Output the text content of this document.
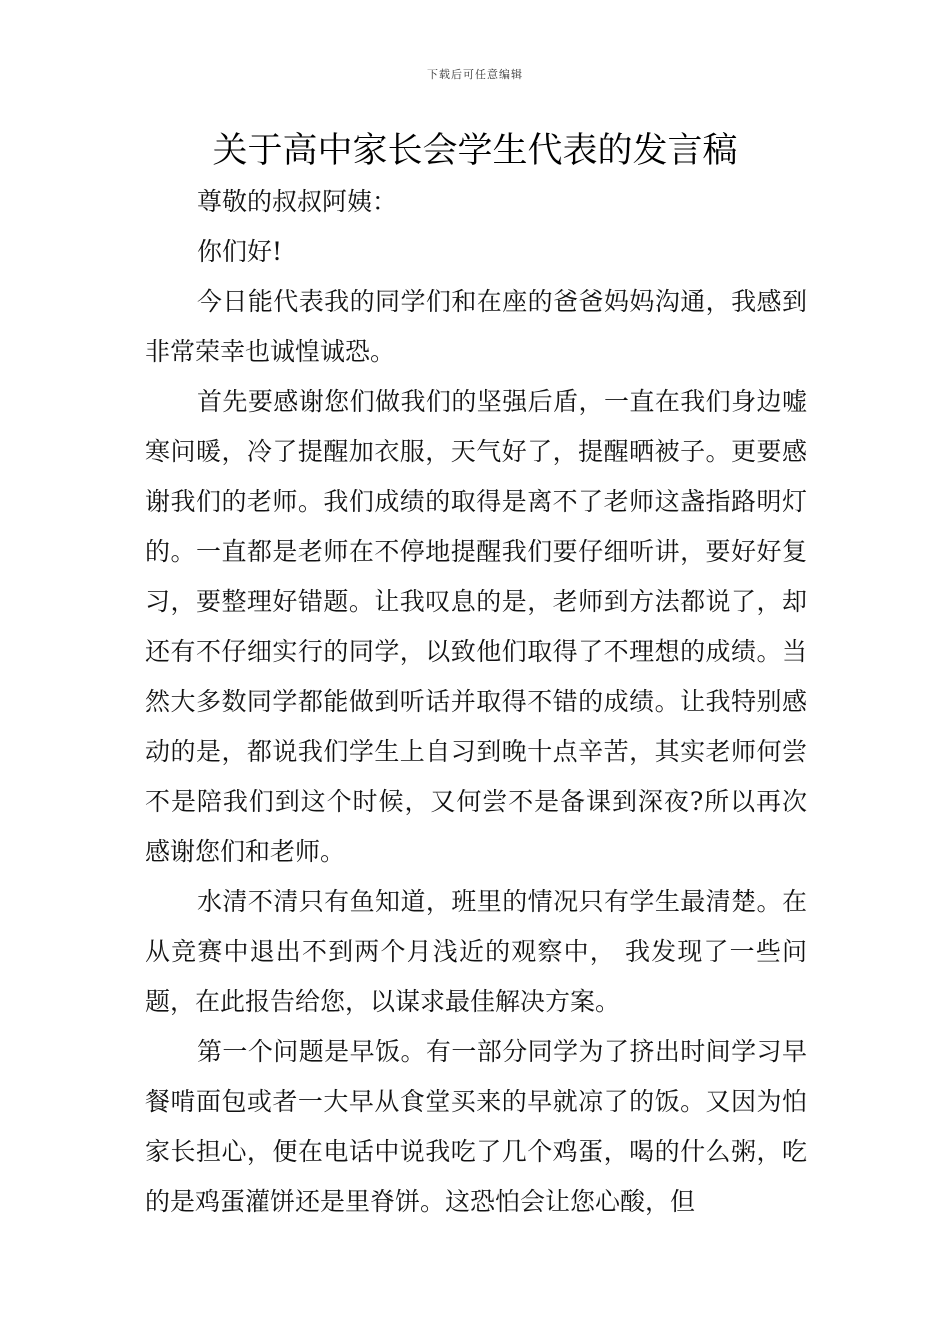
下载后可任意编辑
关于高中家长会学生代表的发言稿

尊敬的叔叔阿姨：

你们好!

今日能代表我的同学们和在座的爸爸妈妈沟通，我感到非常荣幸也诚惶诚恐。

首先要感谢您们做我们的坚强后盾，一直在我们身边嘘寒问暖，冷了提醒加衣服，天气好了，提醒晒被子。更要感谢我们的老师。我们成绩的取得是离不了老师这盏指路明灯的。一直都是老师在不停地提醒我们要仔细听讲，要好好复习，要整理好错题。让我叹息的是，老师到方法都说了，却还有不仔细实行的同学，以致他们取得了不理想的成绩。当然大多数同学都能做到听话并取得不错的成绩。让我特别感动的是，都说我们学生上自习到晚十点辛苦，其实老师何尝不是陪我们到这个时候，又何尝不是备课到深夜?所以再次感谢您们和老师。

水清不清只有鱼知道，班里的情况只有学生最清楚。在从竞赛中退出不到两个月浅近的观察中， 我发现了一些问题，在此报告给您，以谋求最佳解决方案。

第一个问题是早饭。有一部分同学为了挤出时间学习早餐啃面包或者一大早从食堂买来的早就凉了的饭。又因为怕家长担心，便在电话中说我吃了几个鸡蛋，喝的什么粥，吃的是鸡蛋灌饼还是里脊饼。这恐怕会让您心酸，但
